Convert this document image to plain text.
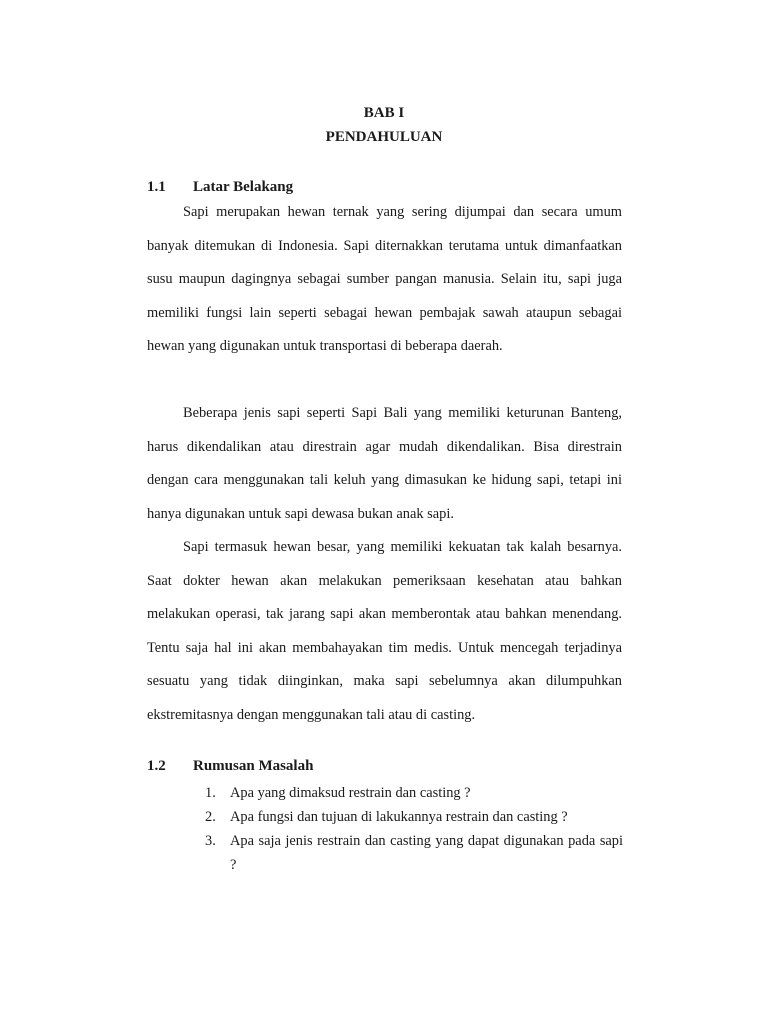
BAB I
PENDAHULUAN
1.1 Latar Belakang

Sapi merupakan hewan ternak yang sering dijumpai dan secara umum banyak ditemukan di Indonesia. Sapi diternakkan terutama untuk dimanfaatkan susu maupun dagingnya sebagai sumber pangan manusia. Selain itu, sapi juga memiliki fungsi lain seperti sebagai hewan pembajak sawah ataupun sebagai hewan yang digunakan untuk transportasi di beberapa daerah.

Beberapa jenis sapi seperti Sapi Bali yang memiliki keturunan Banteng, harus dikendalikan atau direstrain agar mudah dikendalikan. Bisa direstrain dengan cara menggunakan tali keluh yang dimasukan ke hidung sapi, tetapi ini hanya digunakan untuk sapi dewasa bukan anak sapi.

Sapi termasuk hewan besar, yang memiliki kekuatan tak kalah besarnya. Saat dokter hewan akan melakukan pemeriksaan kesehatan atau bahkan melakukan operasi, tak jarang sapi akan memberontak atau bahkan menendang. Tentu saja hal ini akan membahayakan tim medis. Untuk mencegah terjadinya sesuatu yang tidak diinginkan, maka sapi sebelumnya akan dilumpuhkan ekstremitasnya dengan menggunakan tali atau di casting.

1.2 Rumusan Masalah
1. Apa yang dimaksud restrain dan casting ?
2. Apa fungsi dan tujuan di lakukannya restrain dan casting ?
3. Apa saja jenis restrain dan casting yang dapat digunakan pada sapi ?
